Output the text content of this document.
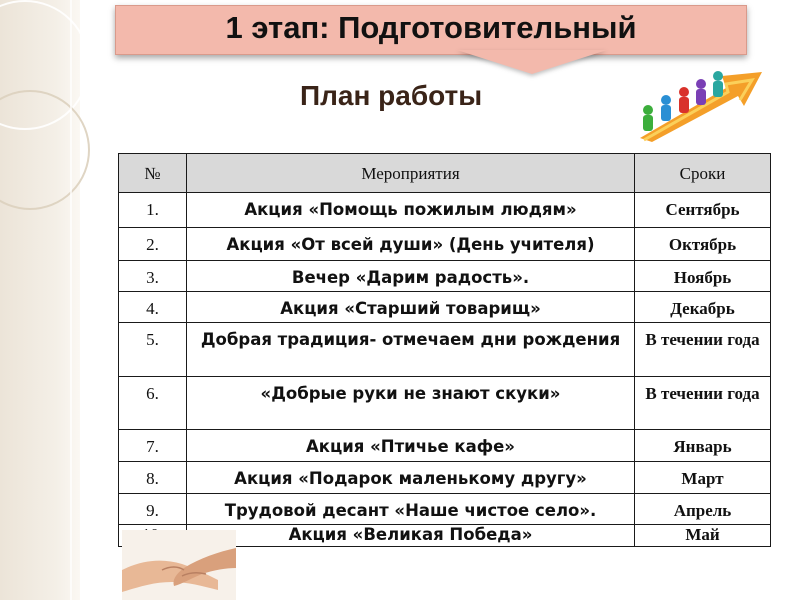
1 этап: Подготовительный
План работы
№	Мероприятия	Сроки
1.	Акция «Помощь пожилым людям»	Сентябрь
2.	Акция «От всей души» (День учителя)	Октябрь
3.	Вечер «Дарим радость».	Ноябрь
4.	Акция «Старший товарищ»	Декабрь
5.	Добрая традиция- отмечаем дни рождения	В течении года
6.	«Добрые руки не знают скуки»	В течении года
7.	Акция «Птичье кафе»	Январь
8.	Акция «Подарок маленькому другу»	Март
9.	Трудовой десант «Наше чистое село».	Апрель
	Акция «Великая Победа»	Май
